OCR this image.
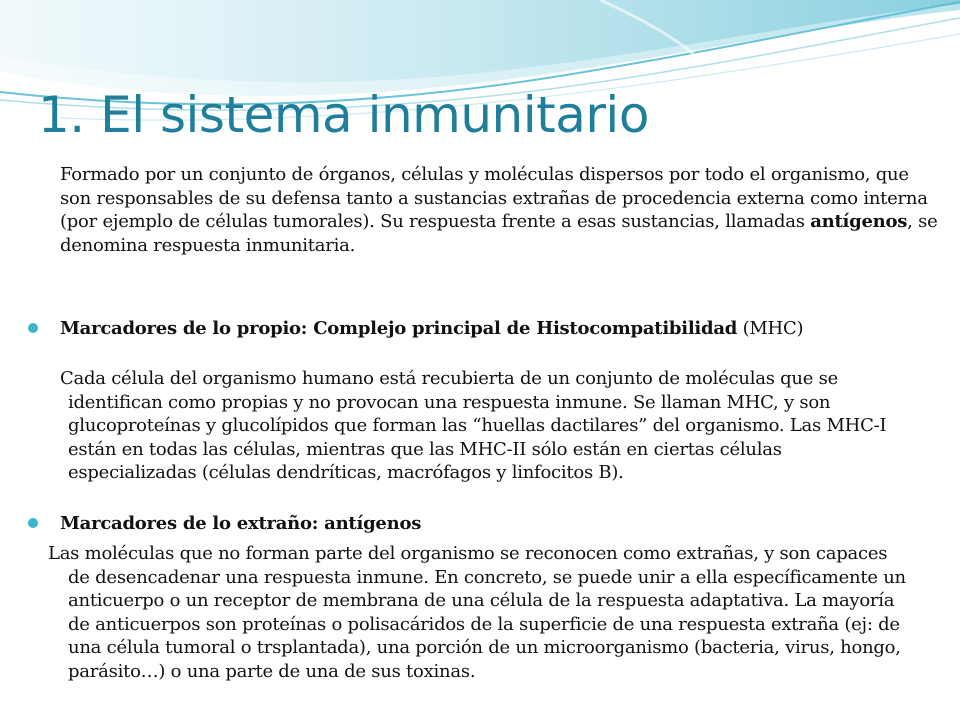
1. El sistema inmunitario

Formado por un conjunto de órganos, células y moléculas dispersos por todo el organismo, que son responsables de su defensa tanto a sustancias extrañas de procedencia externa como interna (por ejemplo de células tumorales). Su respuesta frente a esas sustancias, llamadas antígenos, se denomina respuesta inmunitaria.

Marcadores de lo propio: Complejo principal de Histocompatibilidad (MHC)

Cada célula del organismo humano está recubierta de un conjunto de moléculas que se identifican como propias y no provocan una respuesta inmune. Se llaman MHC, y son glucoproteínas y glucolípidos que forman las “huellas dactilares” del organismo. Las MHC-I están en todas las células, mientras que las MHC-II sólo están en ciertas células especializadas (células dendríticas, macrófagos y linfocitos B).

Marcadores de lo extraño: antígenos

Las moléculas que no forman parte del organismo se reconocen como extrañas, y son capaces de desencadenar una respuesta inmune. En concreto, se puede unir a ella específicamente un anticuerpo o un receptor de membrana de una célula de la respuesta adaptativa. La mayoría de anticuerpos son proteínas o polisacáridos de la superficie de una respuesta extraña (ej: de una célula tumoral o trsplantada), una porción de un microorganismo (bacteria, virus, hongo, parásito…) o una parte de una de sus toxinas.
